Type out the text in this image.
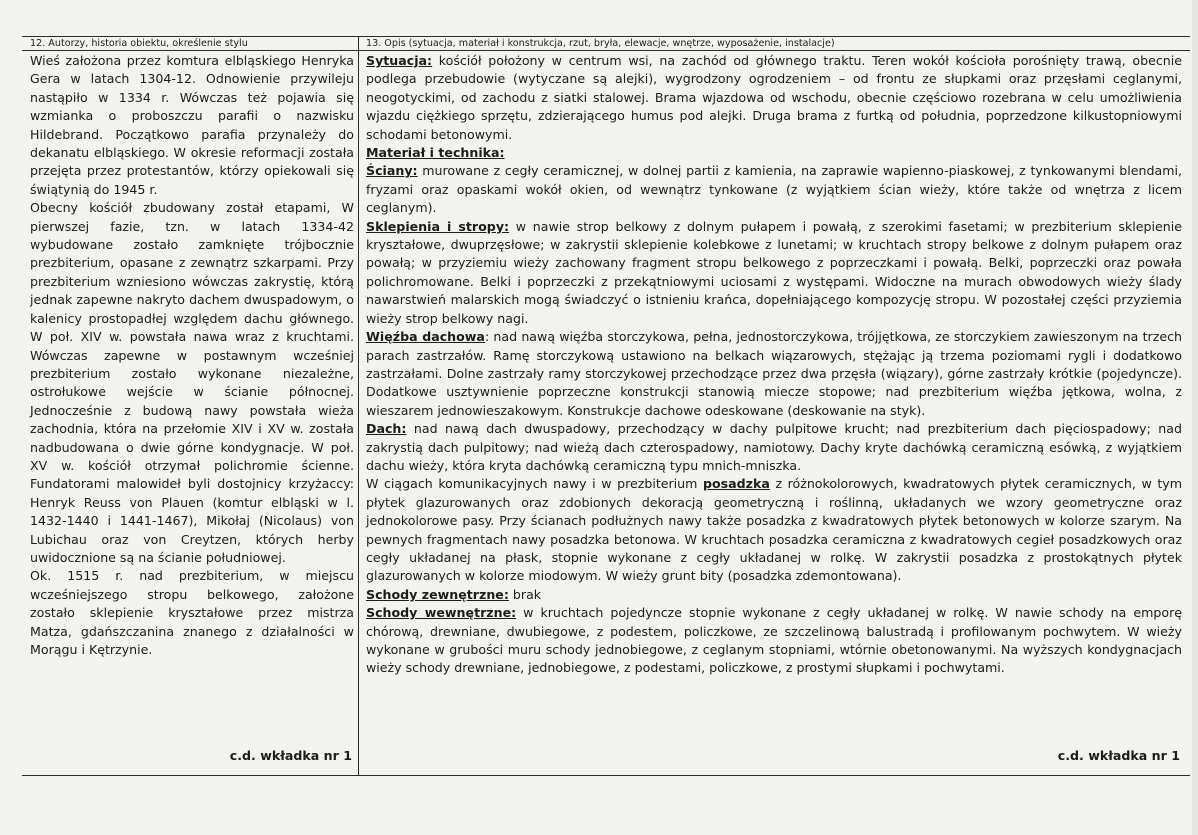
12. Autorzy, historia obiektu, określenie stylu

Wieś założona przez komtura elbląskiego Henryka Gera w latach 1304-12. Odnowienie przywileju nastąpiło w 1334 r. Wówczas też pojawia się wzmianka o proboszczu parafii o nazwisku Hildebrand. Początkowo parafia przynależy do dekanatu elbląskiego. W okresie reformacji została przejęta przez protestantów, którzy opiekowali się świątynią do 1945 r.

Obecny kościół zbudowany został etapami, W pierwszej fazie, tzn. w latach 1334-42 wybudowane zostało zamknięte trójbocznie prezbiterium, opasane z zewnątrz szkarpami. Przy prezbiterium wzniesiono wówczas zakrystię, którą jednak zapewne nakryto dachem dwuspadowym, o kalenicy prostopadłej względem dachu głównego. W poł. XIV w. powstała nawa wraz z kruchtami. Wówczas zapewne w postawnym wcześniej prezbiterium zostało wykonane niezależne, ostrołukowe wejście w ścianie północnej. Jednocześnie z budową nawy powstała wieża zachodnia, która na przełomie XIV i XV w. została nadbudowana o dwie górne kondygnacje. W poł. XV w. kościół otrzymał polichromie ścienne. Fundatorami malowideł byli dostojnicy krzyżaccy: Henryk Reuss von Plauen (komtur elbląski w l. 1432-1440 i 1441-1467), Mikołaj (Nicolaus) von Lubichau oraz von Creytzen, których herby uwidocznione są na ścianie południowej.

Ok. 1515 r. nad prezbiterium, w miejscu wcześniejszego stropu belkowego, założone zostało sklepienie kryształowe przez mistrza Matza, gdańszczanina znanego z działalności w Morągu i Kętrzynie.

c.d. wkładka nr 1
13. Opis (sytuacja, materiał i konstrukcja, rzut, bryła, elewacje, wnętrze, wyposażenie, instalacje)

Sytuacja: kościół położony w centrum wsi, na zachód od głównego traktu. Teren wokół kościoła porośnięty trawą, obecnie podlega przebudowie (wytyczane są alejki), wygrodzony ogrodzeniem – od frontu ze słupkami oraz przęsłami ceglanymi, neogotyckimi, od zachodu z siatki stalowej. Brama wjazdowa od wschodu, obecnie częściowo rozebrana w celu umożliwienia wjazdu ciężkiego sprzętu, zdzierającego humus pod alejki. Druga brama z furtką od południa, poprzedzone kilkustopniowymi schodami betonowymi.

Materiał i technika:

Ściany: murowane z cegły ceramicznej, w dolnej partii z kamienia, na zaprawie wapienno-piaskowej, z tynkowanymi blendami, fryzami oraz opaskami wokół okien, od wewnątrz tynkowane (z wyjątkiem ścian wieży, które także od wnętrza z licem ceglanym).

Sklepienia i stropy: w nawie strop belkowy z dolnym pułapem i powałą, z szerokimi fasetami; w prezbiterium sklepienie kryształowe, dwuprzęsłowe; w zakrystii sklepienie kolebkowe z lunetami; w kruchtach stropy belkowe z dolnym pułapem oraz powałą; w przyziemiu wieży zachowany fragment stropu belkowego z poprzeczkami i powałą. Belki, poprzeczki oraz powała polichromowane. Belki i poprzeczki z przekątniowymi uciosami z występami. Widoczne na murach obwodowych wieży ślady nawarstwień malarskich mogą świadczyć o istnieniu krańca, dopełniającego kompozycję stropu. W pozostałej części przyziemia wieży strop belkowy nagi.

Więźba dachowa: nad nawą więźba storczykowa, pełna, jednostorczykowa, trójjętkowa, ze storczykiem zawieszonym na trzech parach zastrzałów. Ramę storczykową ustawiono na belkach wiązarowych, stężając ją trzema poziomami rygli i dodatkowo zastrzałami. Dolne zastrzały ramy storczykowej przechodzące przez dwa przęsła (wiązary), górne zastrzały krótkie (pojedyncze). Dodatkowe usztywnienie poprzeczne konstrukcji stanowią miecze stopowe; nad prezbiterium więźba jętkowa, wolna, z wieszarem jednowieszakowym. Konstrukcje dachowe odeskowane (deskowanie na styk).

Dach: nad nawą dach dwuspadowy, przechodzący w dachy pulpitowe krucht; nad prezbiterium dach pięciospadowy; nad zakrystią dach pulpitowy; nad wieżą dach czterospadowy, namiotowy. Dachy kryte dachówką ceramiczną esówką, z wyjątkiem dachu wieży, która kryta dachówką ceramiczną typu mnich-mniszka.

W ciągach komunikacyjnych nawy i w prezbiterium posadzka z różnokolorowych, kwadratowych płytek ceramicznych, w tym płytek glazurowanych oraz zdobionych dekoracją geometryczną i roślinną, układanych we wzory geometryczne oraz jednokolorowe pasy. Przy ścianach podłużnych nawy także posadzka z kwadratowych płytek betonowych w kolorze szarym. Na pewnych fragmentach nawy posadzka betonowa. W kruchtach posadzka ceramiczna z kwadratowych cegieł posadzkowych oraz cegły układanej na płask, stopnie wykonane z cegły układanej w rolkę. W zakrystii posadzka z prostokątnych płytek glazurowanych w kolorze miodowym. W wieży grunt bity (posadzka zdemontowana).

Schody zewnętrzne: brak

Schody wewnętrzne: w kruchtach pojedyncze stopnie wykonane z cegły układanej w rolkę. W nawie schody na emporę chórową, drewniane, dwubiegowe, z podestem, policzkowe, ze szczelinową balustradą i profilowanym pochwytem. W wieży wykonane w grubości muru schody jednobiegowe, z ceglanym stopniami, wtórnie obetonowanymi. Na wyższych kondygnacjach wieży schody drewniane, jednobiegowe, z podestami, policzkowe, z prostymi słupkami i pochwytami.

c.d. wkładka nr 1
